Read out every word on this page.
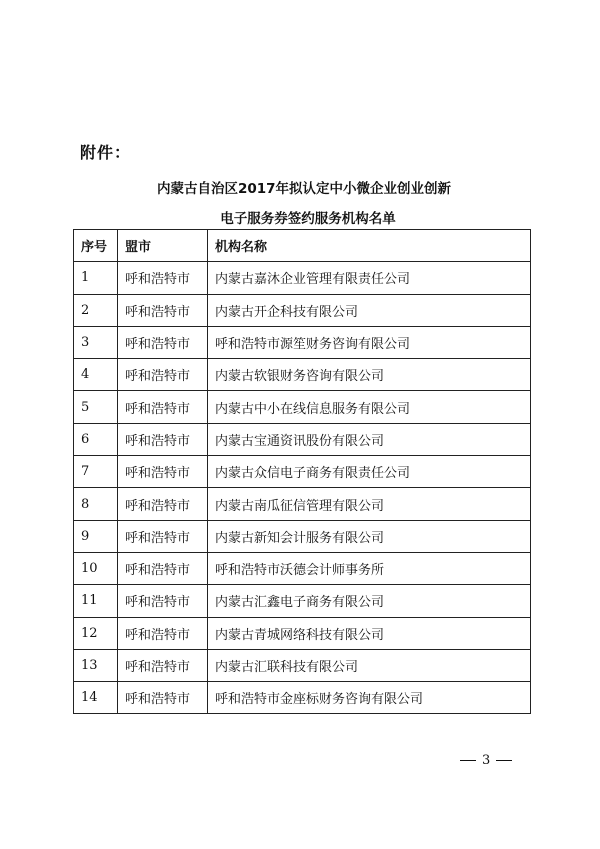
附件：
内蒙古自治区2017年拟认定中小微企业创业创新
电子服务券签约服务机构名单
序号	盟市	机构名称
1	呼和浩特市	内蒙古嘉沐企业管理有限责任公司
2	呼和浩特市	内蒙古开企科技有限公司
3	呼和浩特市	呼和浩特市源笙财务咨询有限公司
4	呼和浩特市	内蒙古软银财务咨询有限公司
5	呼和浩特市	内蒙古中小在线信息服务有限公司
6	呼和浩特市	内蒙古宝通资讯股份有限公司
7	呼和浩特市	内蒙古众信电子商务有限责任公司
8	呼和浩特市	内蒙古南瓜征信管理有限公司
9	呼和浩特市	内蒙古新知会计服务有限公司
10	呼和浩特市	呼和浩特市沃德会计师事务所
11	呼和浩特市	内蒙古汇鑫电子商务有限公司
12	呼和浩特市	内蒙古青城网络科技有限公司
13	呼和浩特市	内蒙古汇联科技有限公司
14	呼和浩特市	呼和浩特市金座标财务咨询有限公司
3
